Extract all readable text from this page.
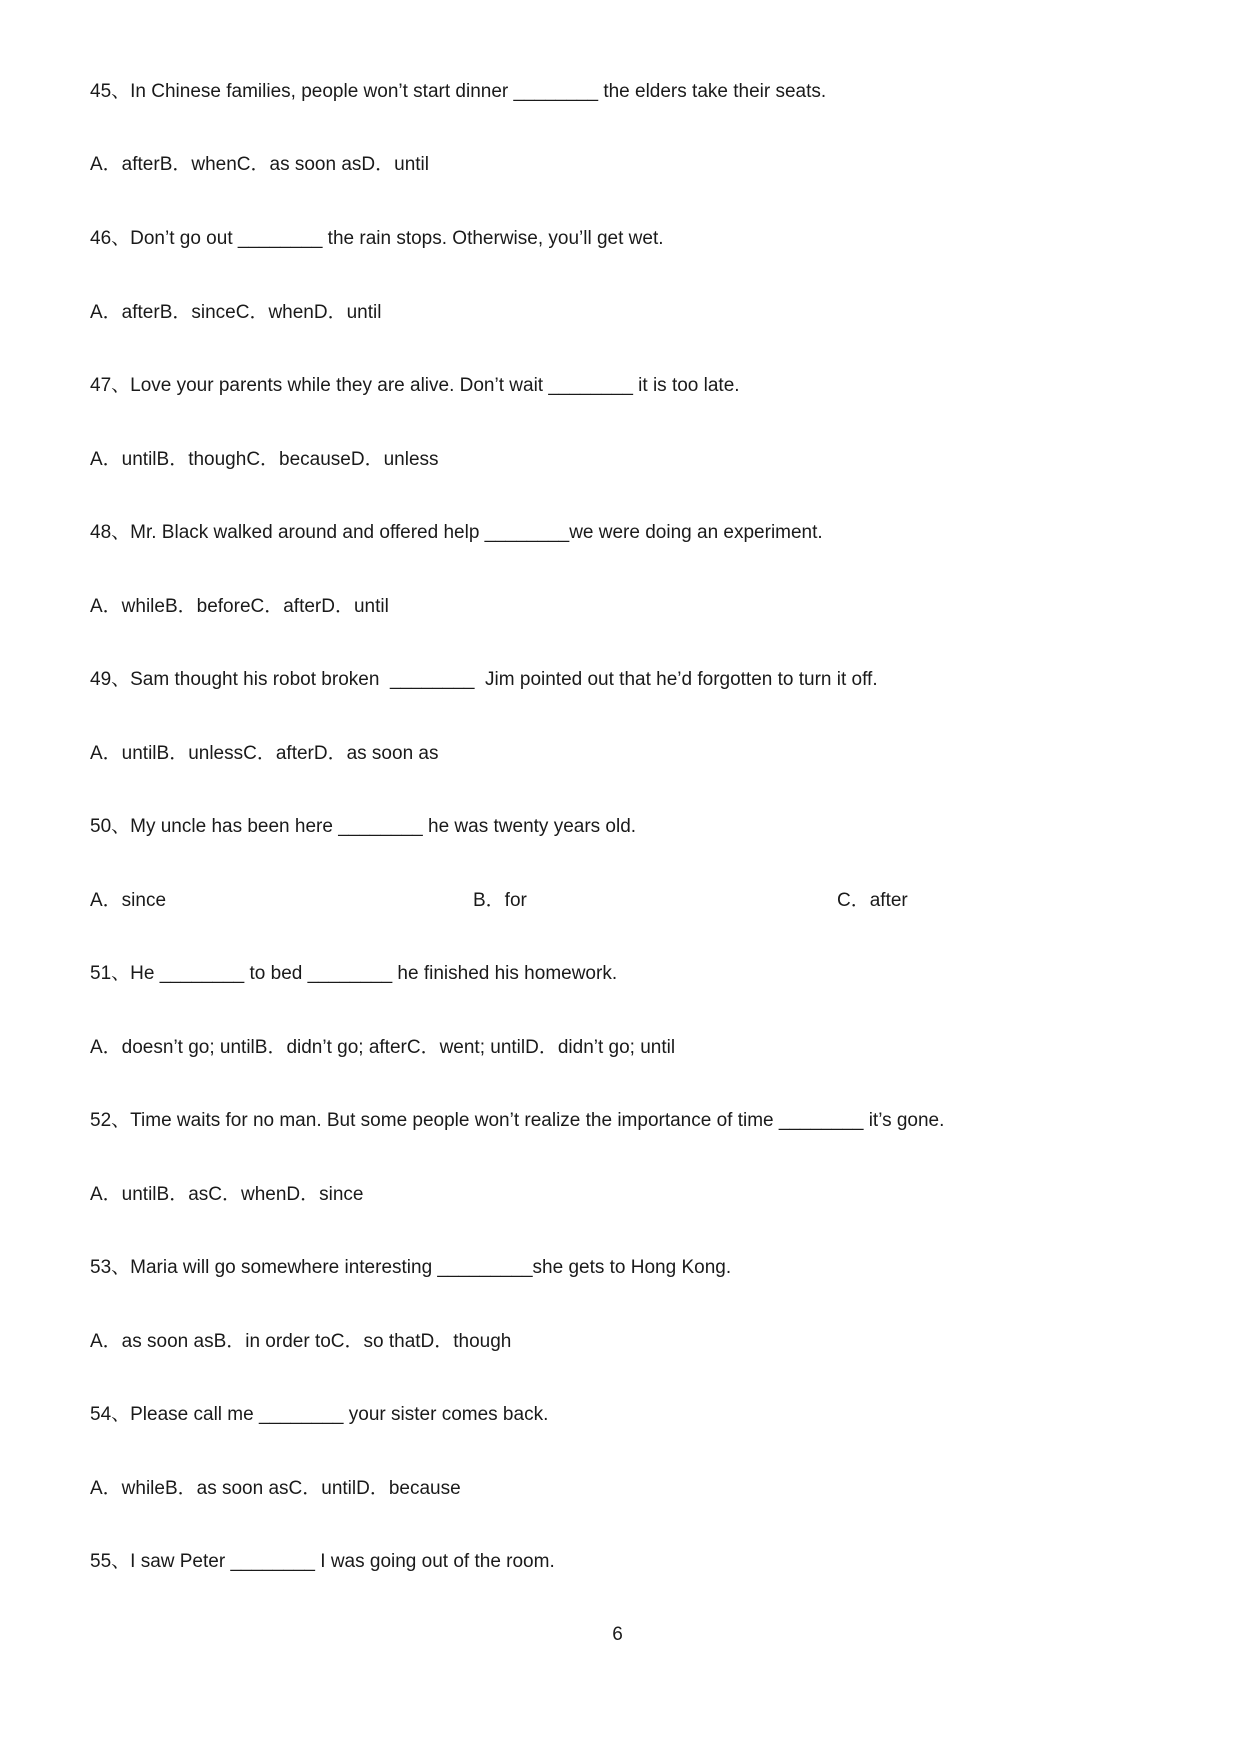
45、In Chinese families, people won’t start dinner ________ the elders take their seats.

A．afterB．whenC．as soon asD．until

46、Don’t go out ________ the rain stops. Otherwise, you’ll get wet.

A．afterB．sinceC．whenD．until

47、Love your parents while they are alive. Don’t wait ________ it is too late.

A．untilB．thoughC．becauseD．unless

48、Mr. Black walked around and offered help ________we were doing an experiment.

A．whileB．beforeC．afterD．until

49、Sam thought his robot broken  ________  Jim pointed out that he’d forgotten to turn it off.

A．untilB．unlessC．afterD．as soon as

50、My uncle has been here ________ he was twenty years old.

A．since	B．for	C．after

51、He ________ to bed ________ he finished his homework.

A．doesn’t go; untilB．didn’t go; afterC．went; untilD．didn’t go; until

52、Time waits for no man. But some people won’t realize the importance of time ________ it’s gone.

A．untilB．asC．whenD．since

53、Maria will go somewhere interesting _________she gets to Hong Kong.

A．as soon asB．in order toC．so thatD．though

54、Please call me ________ your sister comes back.

A．whileB．as soon asC．untilD．because

55、I saw Peter ________ I was going out of the room.

6
